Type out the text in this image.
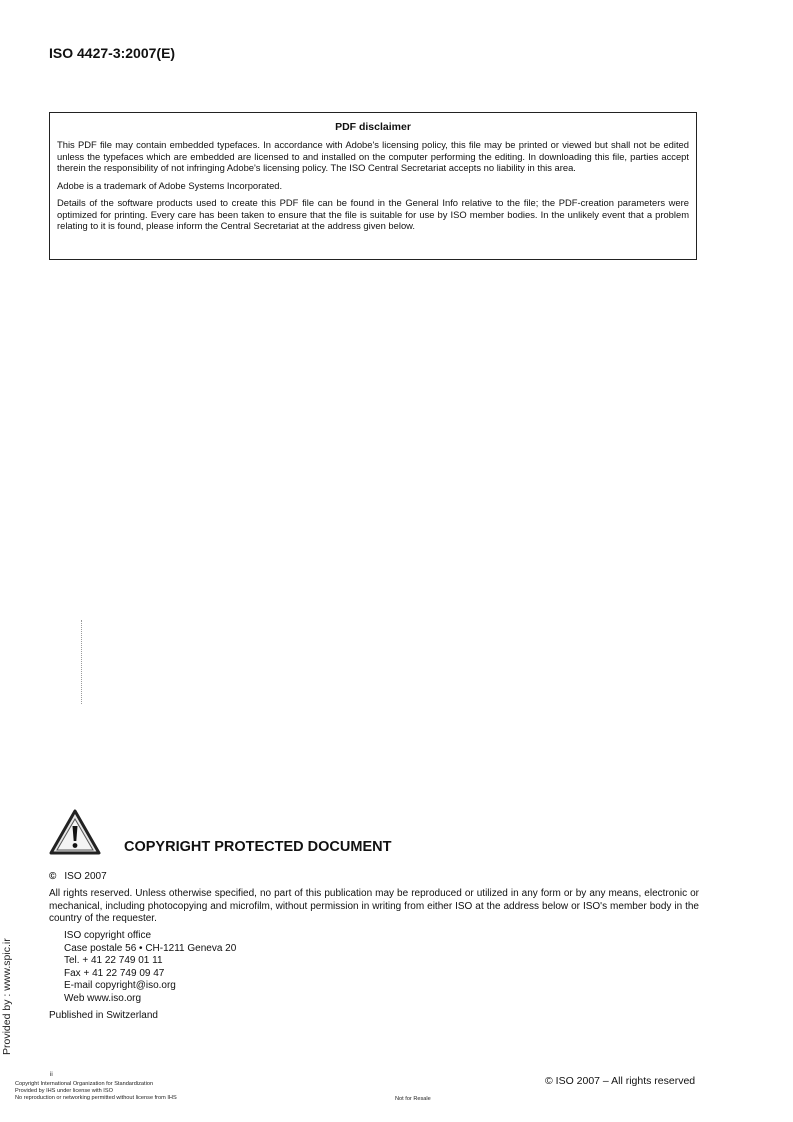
ISO 4427-3:2007(E)
PDF disclaimer

This PDF file may contain embedded typefaces. In accordance with Adobe's licensing policy, this file may be printed or viewed but shall not be edited unless the typefaces which are embedded are licensed to and installed on the computer performing the editing. In downloading this file, parties accept therein the responsibility of not infringing Adobe's licensing policy. The ISO Central Secretariat accepts no liability in this area.

Adobe is a trademark of Adobe Systems Incorporated.

Details of the software products used to create this PDF file can be found in the General Info relative to the file; the PDF-creation parameters were optimized for printing. Every care has been taken to ensure that the file is suitable for use by ISO member bodies. In the unlikely event that a problem relating to it is found, please inform the Central Secretariat at the address given below.

COPYRIGHT PROTECTED DOCUMENT
© ISO 2007
All rights reserved. Unless otherwise specified, no part of this publication may be reproduced or utilized in any form or by any means, electronic or mechanical, including photocopying and microfilm, without permission in writing from either ISO at the address below or ISO's member body in the country of the requester.
ISO copyright office
Case postale 56 • CH-1211 Geneva 20
Tel. + 41 22 749 01 11
Fax + 41 22 749 09 47
E-mail copyright@iso.org
Web www.iso.org
Published in Switzerland
Provided by : www.spic.ir
ii
Copyright International Organization for Standardization
Provided by IHS under license with ISO
No reproduction or networking permitted without license from IHS	Not for Resale
© ISO 2007 – All rights reserved
